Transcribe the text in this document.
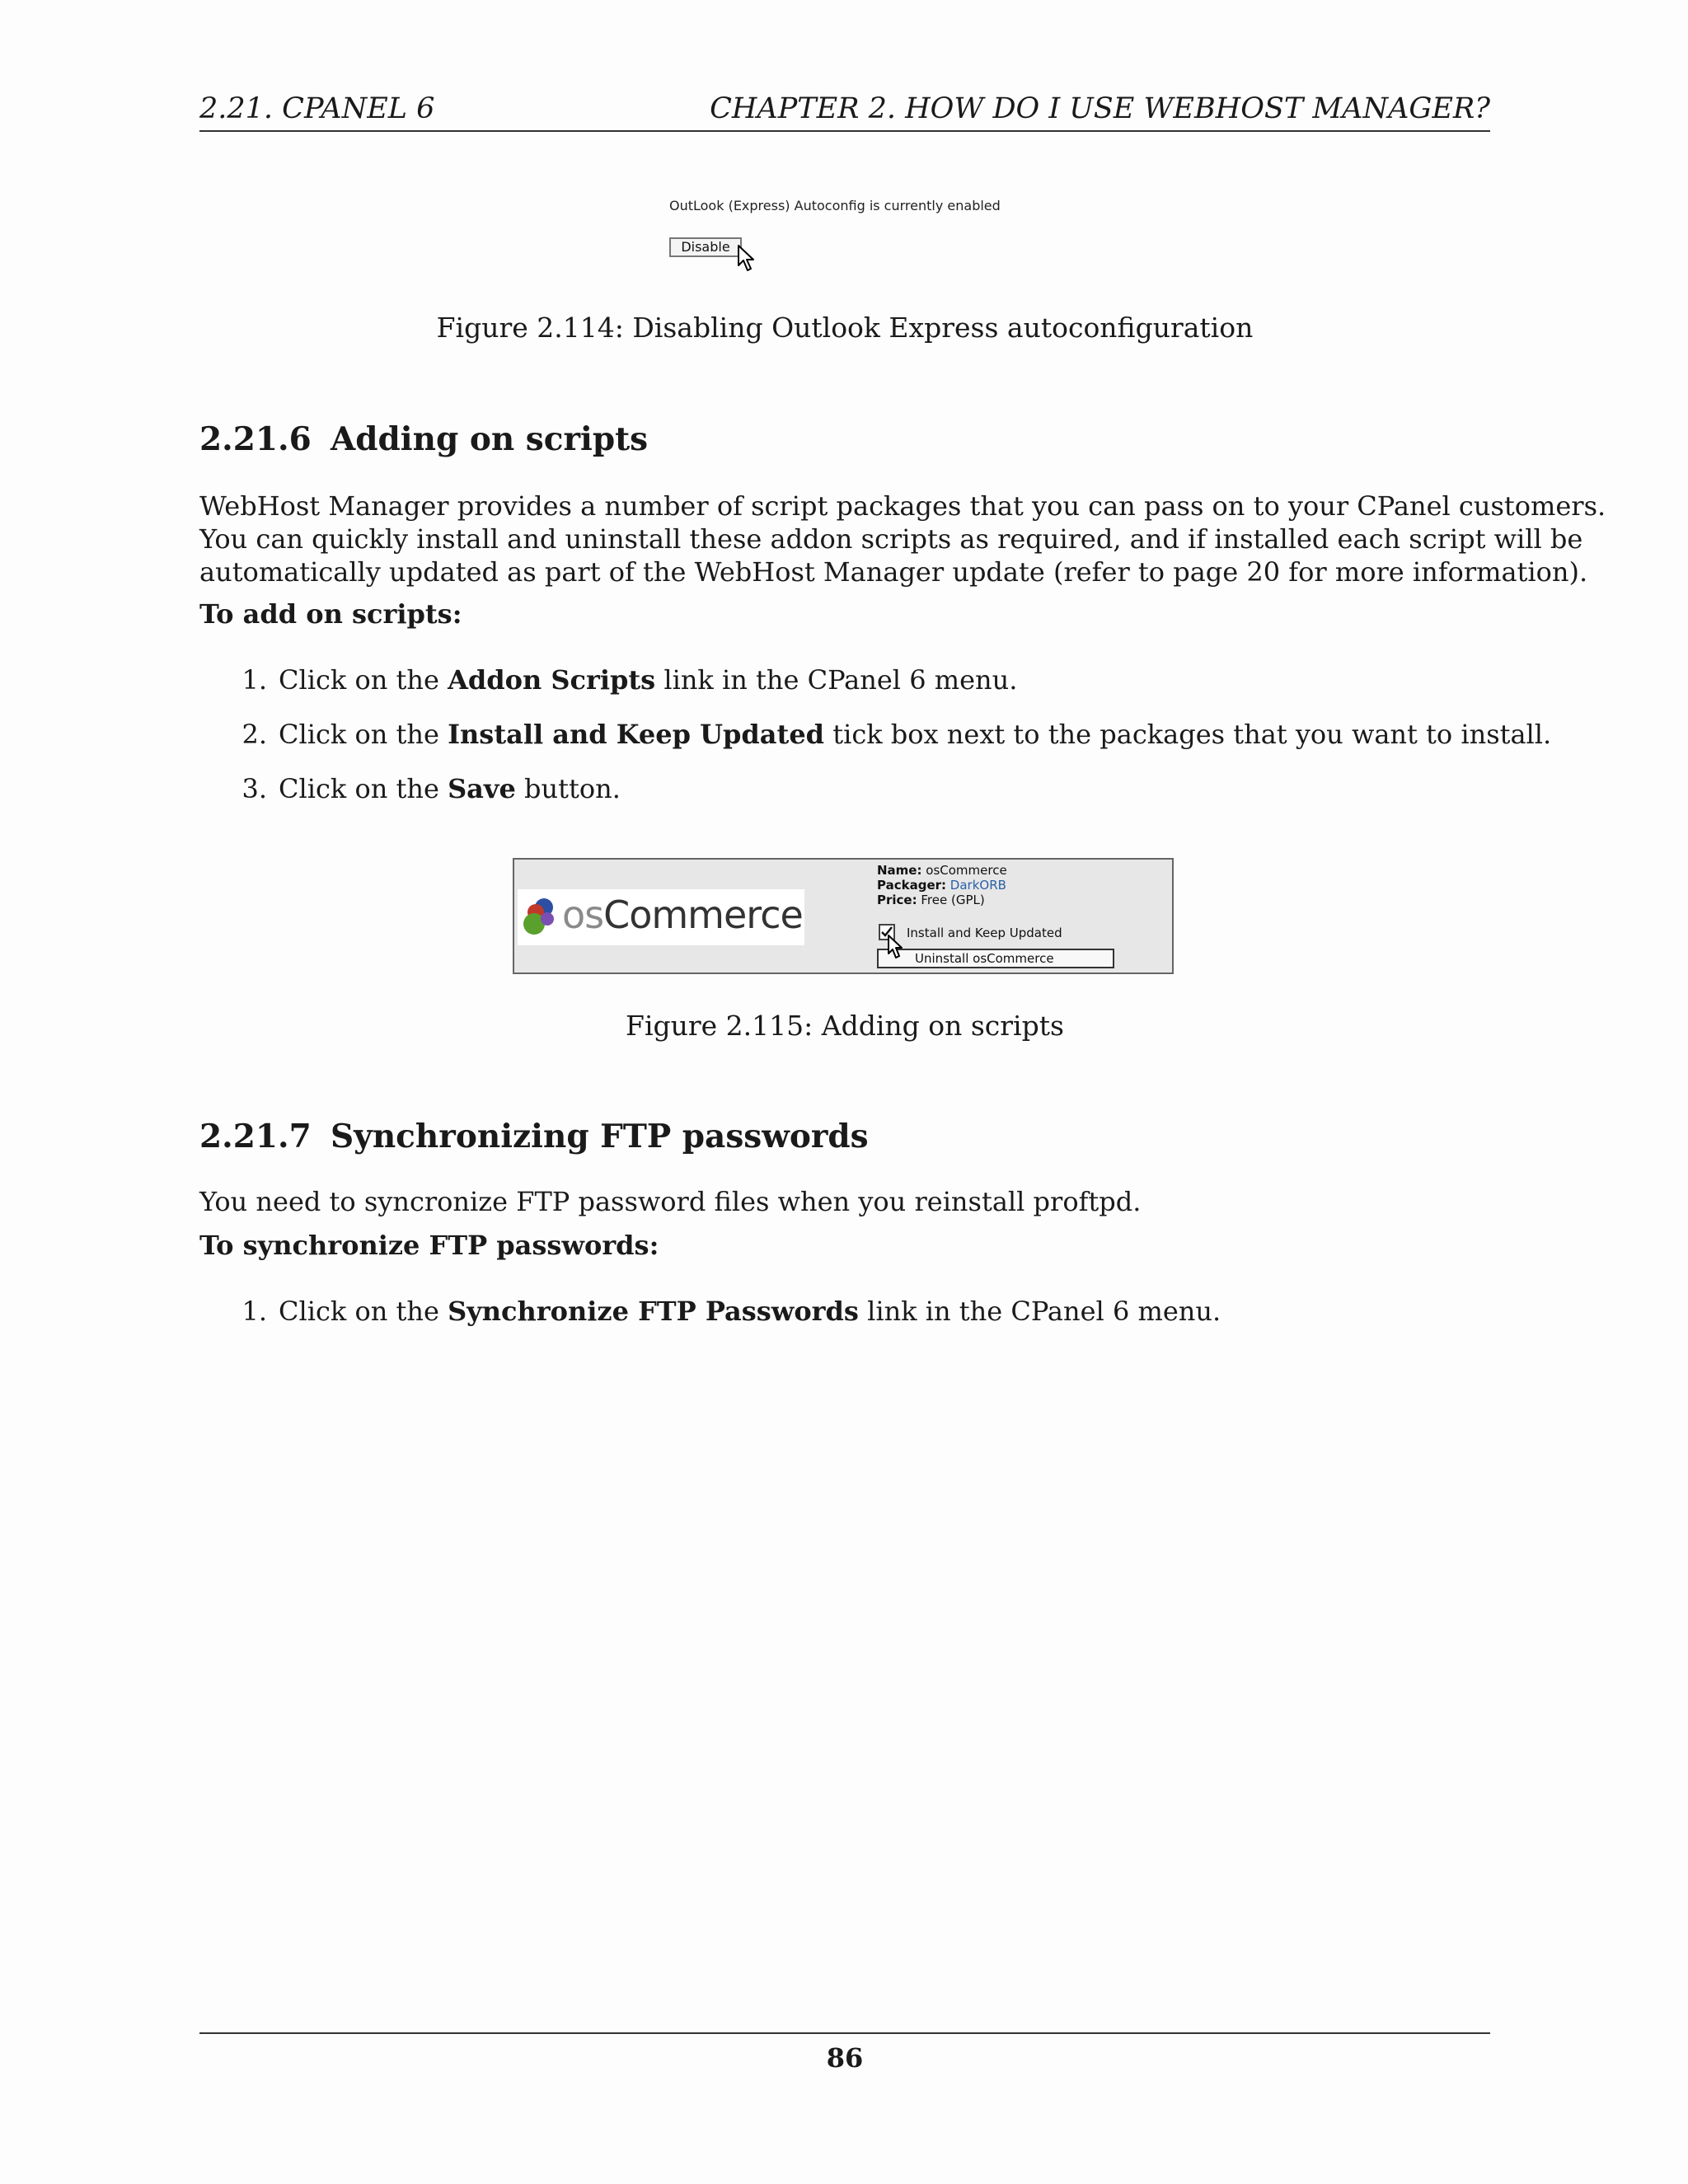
2.21. CPANEL 6	CHAPTER 2. HOW DO I USE WEBHOST MANAGER?
OutLook (Express) Autoconfig is currently enabled
Disable
Figure 2.114: Disabling Outlook Express autoconfiguration
2.21.6 Adding on scripts
WebHost Manager provides a number of script packages that you can pass on to your CPanel customers.
You can quickly install and uninstall these addon scripts as required, and if installed each script will be
automatically updated as part of the WebHost Manager update (refer to page 20 for more information).
To add on scripts:
1. Click on the Addon Scripts link in the CPanel 6 menu.
2. Click on the Install and Keep Updated tick box next to the packages that you want to install.
3. Click on the Save button.
osCommerce
Name: osCommerce
Packager: DarkORB
Price: Free (GPL)
Install and Keep Updated
Uninstall osCommerce
Figure 2.115: Adding on scripts
2.21.7 Synchronizing FTP passwords
You need to syncronize FTP password files when you reinstall proftpd.
To synchronize FTP passwords:
1. Click on the Synchronize FTP Passwords link in the CPanel 6 menu.
86
